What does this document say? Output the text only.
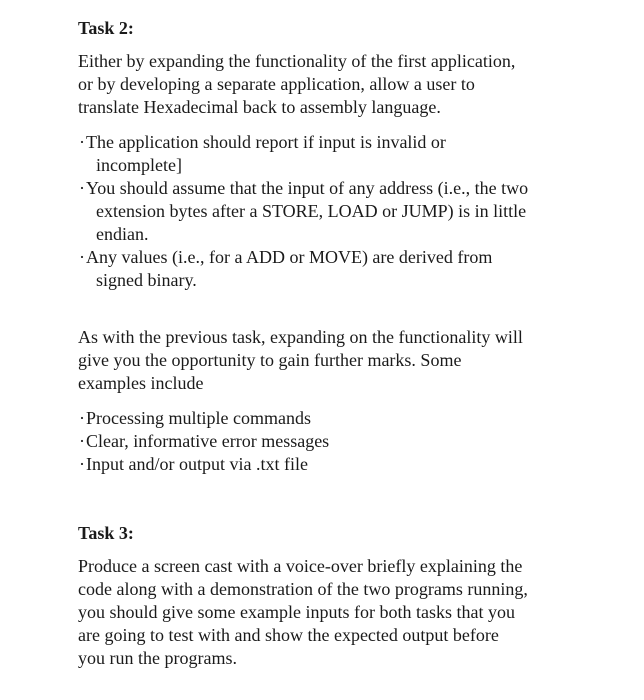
Task 2:
Either by expanding the functionality of the first application,
or by developing a separate application, allow a user to
translate Hexadecimal back to assembly language.
· The application should report if input is invalid or
incomplete]
· You should assume that the input of any address (i.e., the two
extension bytes after a STORE, LOAD or JUMP) is in little
endian.
· Any values (i.e., for a ADD or MOVE) are derived from
signed binary.
As with the previous task, expanding on the functionality will
give you the opportunity to gain further marks. Some
examples include
· Processing multiple commands
· Clear, informative error messages
· Input and/or output via .txt file
Task 3:
Produce a screen cast with a voice-over briefly explaining the
code along with a demonstration of the two programs running,
you should give some example inputs for both tasks that you
are going to test with and show the expected output before
you run the programs.
